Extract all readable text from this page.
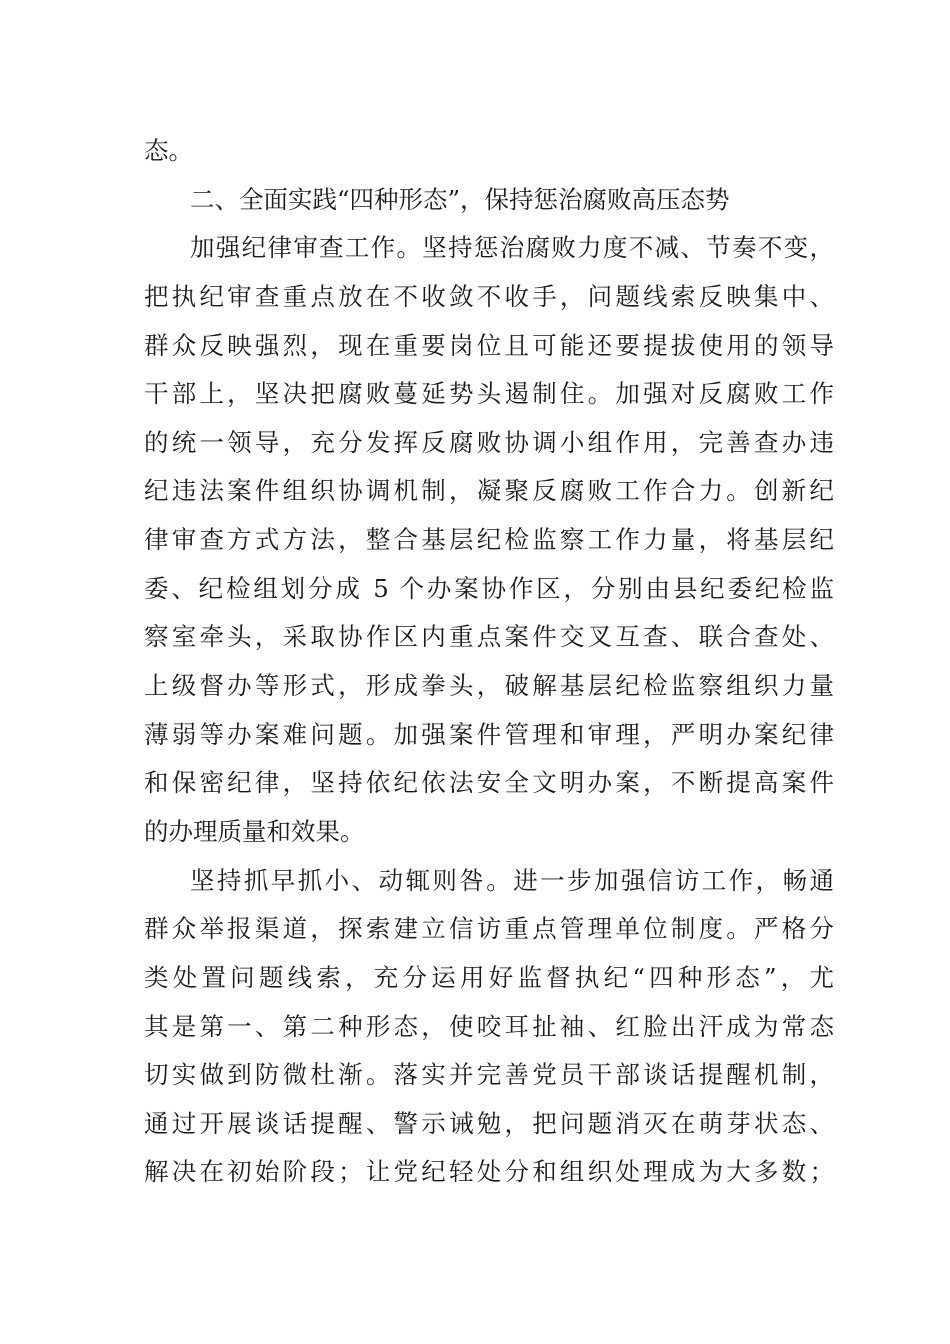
态。
二、全面实践“四种形态”，保持惩治腐败高压态势
加强纪律审查工作。坚持惩治腐败力度不减、节奏不变，
把执纪审查重点放在不收敛不收手，问题线索反映集中、
群众反映强烈，现在重要岗位且可能还要提拔使用的领导
干部上，坚决把腐败蔓延势头遏制住。加强对反腐败工作
的统一领导，充分发挥反腐败协调小组作用，完善查办违
纪违法案件组织协调机制，凝聚反腐败工作合力。创新纪
律审查方式方法，整合基层纪检监察工作力量，将基层纪
委、纪检组划分成 5 个办案协作区，分别由县纪委纪检监
察室牵头，采取协作区内重点案件交叉互查、联合查处、
上级督办等形式，形成拳头，破解基层纪检监察组织力量
薄弱等办案难问题。加强案件管理和审理，严明办案纪律
和保密纪律，坚持依纪依法安全文明办案，不断提高案件
的办理质量和效果。
坚持抓早抓小、动辄则咎。进一步加强信访工作，畅通
群众举报渠道，探索建立信访重点管理单位制度。严格分
类处置问题线索，充分运用好监督执纪“四种形态”，尤
其是第一、第二种形态，使咬耳扯袖、红脸出汗成为常态
切实做到防微杜渐。落实并完善党员干部谈话提醒机制，
通过开展谈话提醒、警示诫勉，把问题消灭在萌芽状态、
解决在初始阶段；让党纪轻处分和组织处理成为大多数；
